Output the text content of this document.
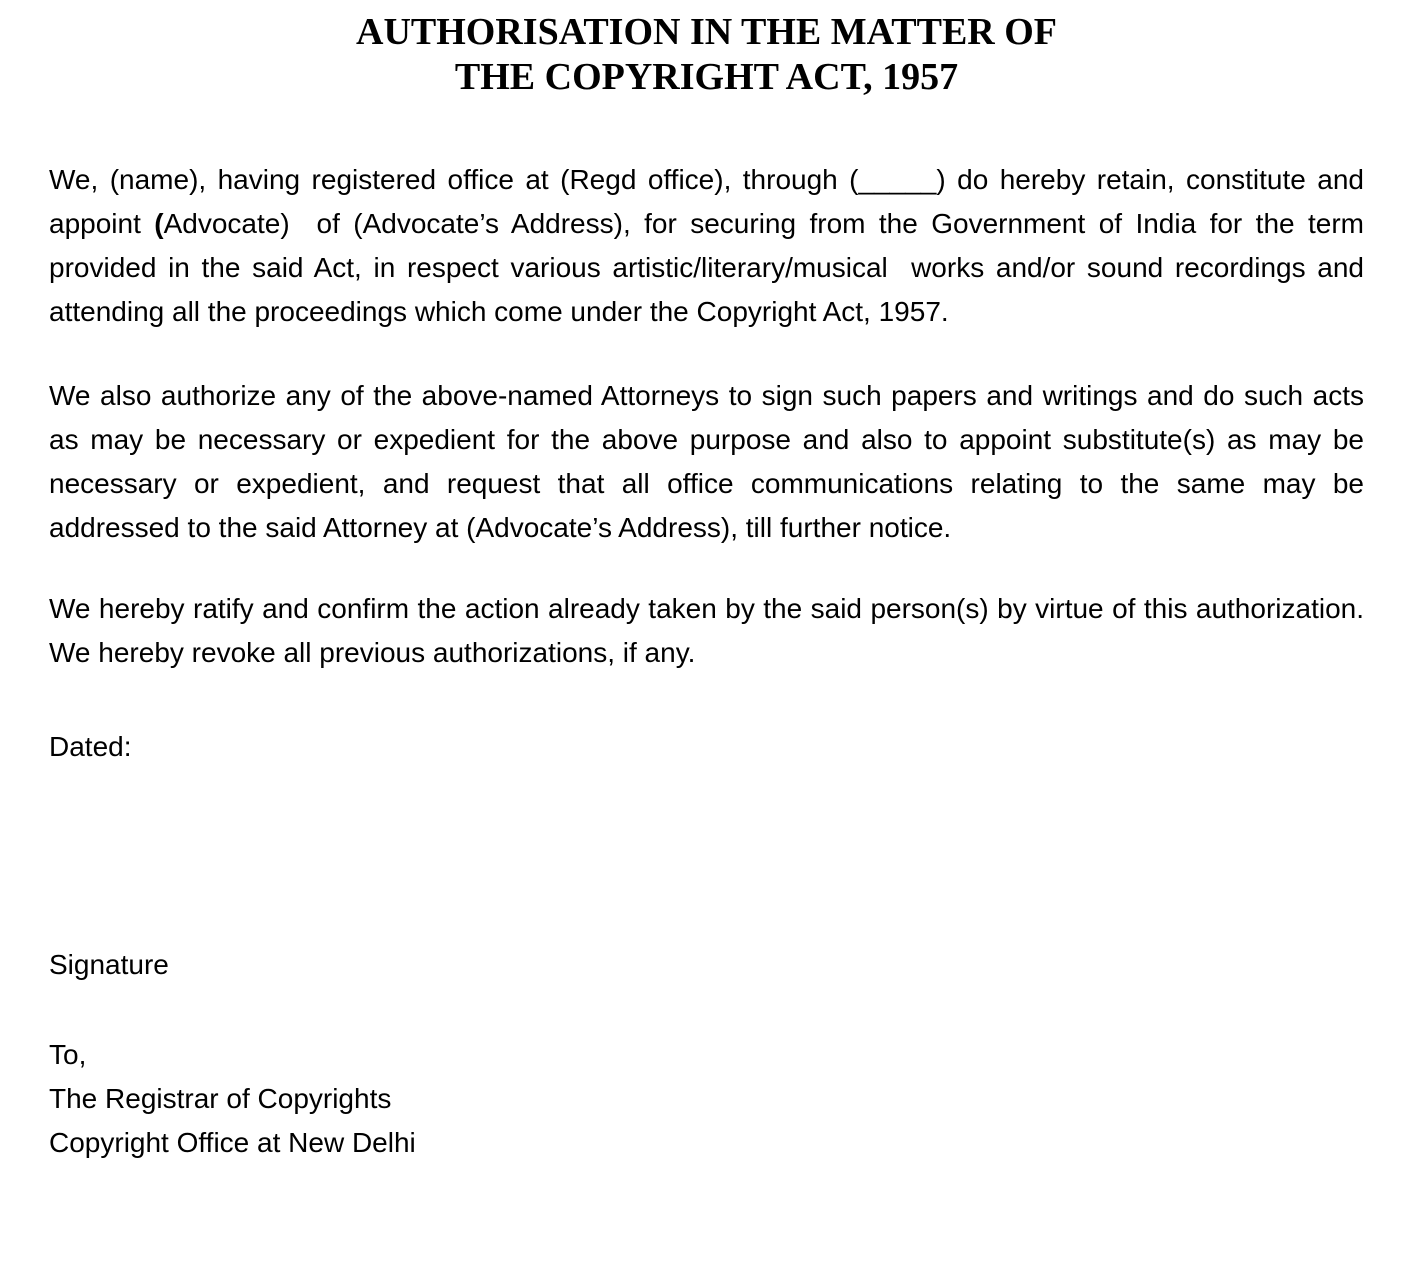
AUTHORISATION IN THE MATTER OF
THE COPYRIGHT ACT, 1957

We, (name), having registered office at (Regd office), through (_____) do hereby retain, constitute and appoint (Advocate)  of (Advocate’s Address), for securing from the Government of India for the term provided in the said Act, in respect various artistic/literary/musical  works and/or sound recordings and attending all the proceedings which come under the Copyright Act, 1957.

We also authorize any of the above-named Attorneys to sign such papers and writings and do such acts as may be necessary or expedient for the above purpose and also to appoint substitute(s) as may be necessary or expedient, and request that all office communications relating to the same may be addressed to the said Attorney at (Advocate’s Address), till further notice.

We hereby ratify and confirm the action already taken by the said person(s) by virtue of this authorization. We hereby revoke all previous authorizations, if any.

Dated:

Signature

To,
The Registrar of Copyrights
Copyright Office at New Delhi
